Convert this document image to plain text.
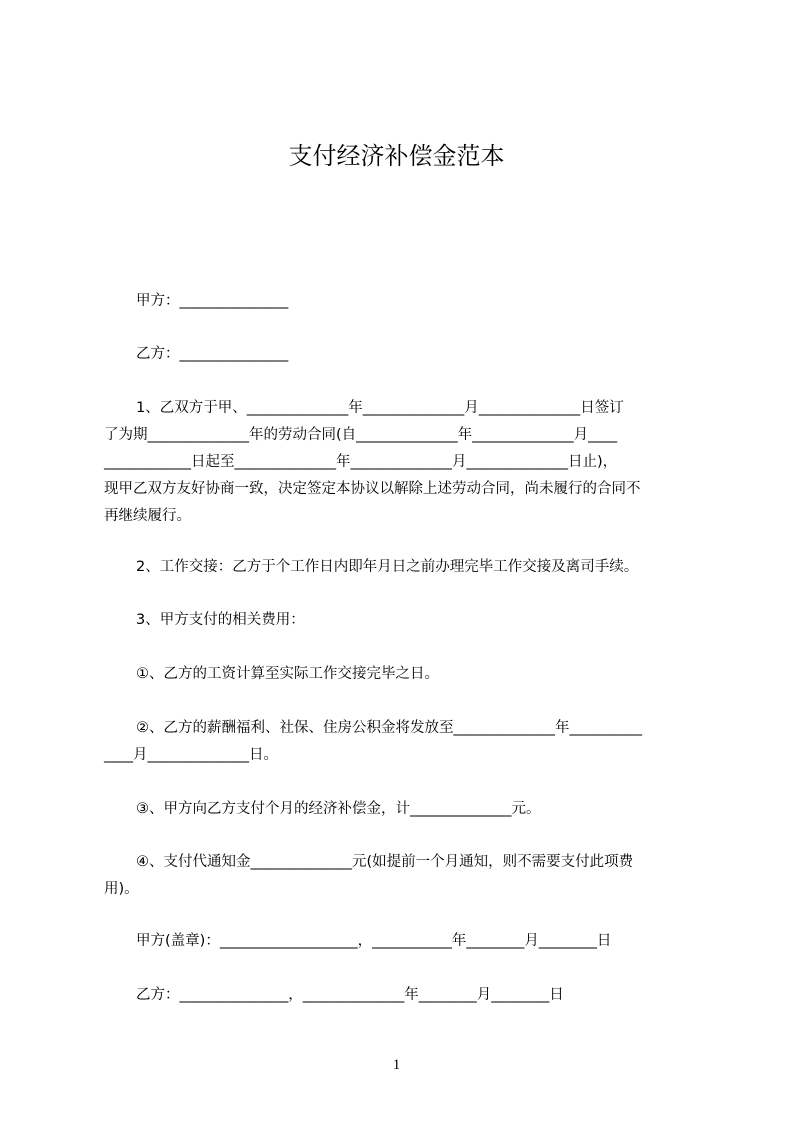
支付经济补偿金范本
甲方：_______________
乙方：_______________
1、乙双方于甲、______________年______________月______________日签订
了为期______________年的劳动合同(自______________年______________月____
____________日起至______________年______________月______________日止)，
现甲乙双方友好协商一致，决定签定本协议以解除上述劳动合同，尚未履行的合同不
再继续履行。
2、工作交接：乙方于个工作日内即年月日之前办理完毕工作交接及离司手续。
3、甲方支付的相关费用：
①、乙方的工资计算至实际工作交接完毕之日。
②、乙方的薪酬福利、社保、住房公积金将发放至______________年__________
____月______________日。
③、甲方向乙方支付个月的经济补偿金，计______________元。
④、支付代通知金______________元(如提前一个月通知，则不需要支付此项费
用)。
甲方(盖章)：___________________，___________年________月________日
乙方：_______________，______________年________月________日
1
